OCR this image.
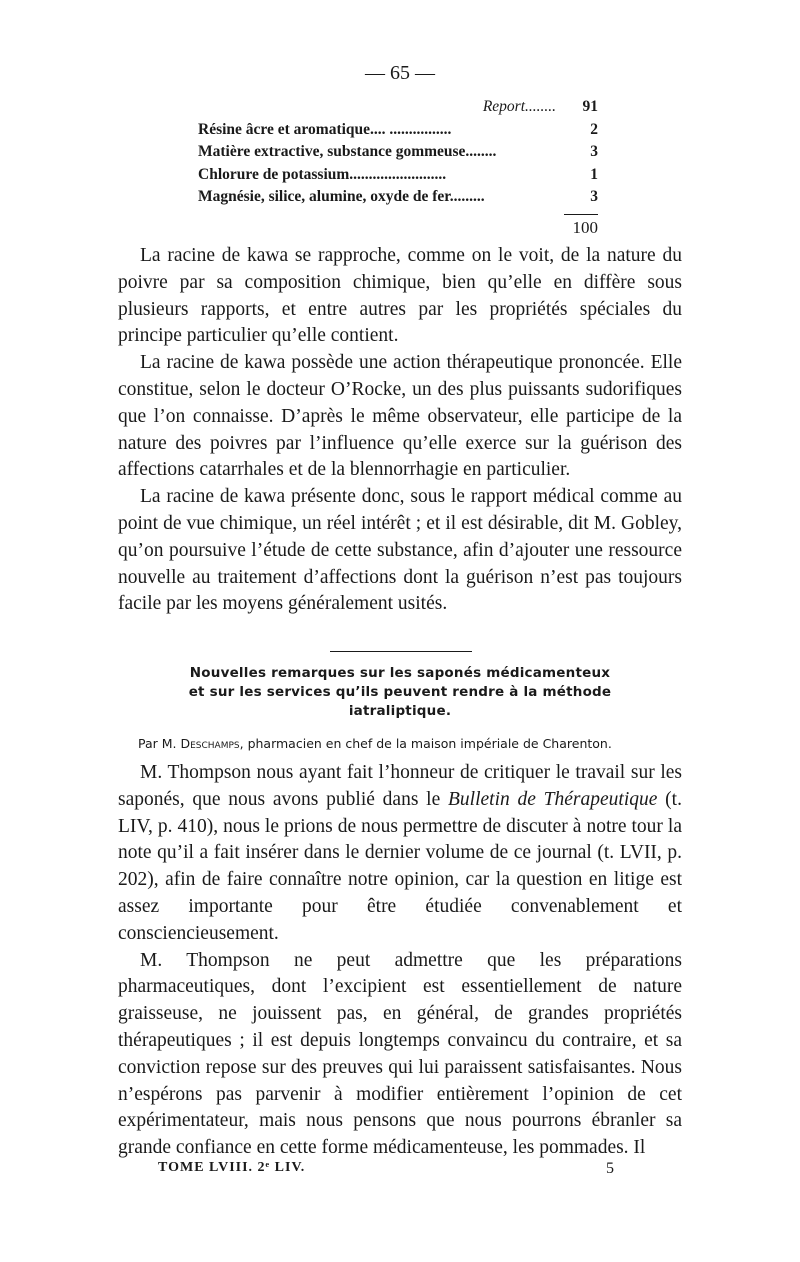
— 65 —
Report........	91
Résine âcre et aromatique.... ................	2
Matière extractive, substance gommeuse........	3
Chlorure de potassium.........................	1
Magnésie, silice, alumine, oxyde de fer.........	3
100

La racine de kawa se rapproche, comme on le voit, de la nature du poivre par sa composition chimique, bien qu’elle en diffère sous plusieurs rapports, et entre autres par les propriétés spéciales du principe particulier qu’elle contient.

La racine de kawa possède une action thérapeutique prononcée. Elle constitue, selon le docteur O’Rocke, un des plus puissants sudorifiques que l’on connaisse. D’après le même observateur, elle participe de la nature des poivres par l’influence qu’elle exerce sur la guérison des affections catarrhales et de la blennorrhagie en particulier.

La racine de kawa présente donc, sous le rapport médical comme au point de vue chimique, un réel intérêt ; et il est désirable, dit M. Gobley, qu’on poursuive l’étude de cette substance, afin d’ajouter une ressource nouvelle au traitement d’affections dont la guérison n’est pas toujours facile par les moyens généralement usités.

Nouvelles remarques sur les saponés médicamenteux
et sur les services qu’ils peuvent rendre à la méthode
iatraliptique.
Par M. Deschamps, pharmacien en chef de la maison impériale de Charenton.

M. Thompson nous ayant fait l’honneur de critiquer le travail sur les saponés, que nous avons publié dans le Bulletin de Thérapeutique (t. LIV, p. 410), nous le prions de nous permettre de discuter à notre tour la note qu’il a fait insérer dans le dernier volume de ce journal (t. LVII, p. 202), afin de faire connaître notre opinion, car la question en litige est assez importante pour être étudiée convenablement et consciencieusement.

M. Thompson ne peut admettre que les préparations pharmaceutiques, dont l’excipient est essentiellement de nature graisseuse, ne jouissent pas, en général, de grandes propriétés thérapeutiques ; il est depuis longtemps convaincu du contraire, et sa conviction repose sur des preuves qui lui paraissent satisfaisantes. Nous n’espérons pas parvenir à modifier entièrement l’opinion de cet expérimentateur, mais nous pensons que nous pourrons ébranler sa grande confiance en cette forme médicamenteuse, les pommades. Il

TOME LVIII. 2ᵉ LIV.	5
